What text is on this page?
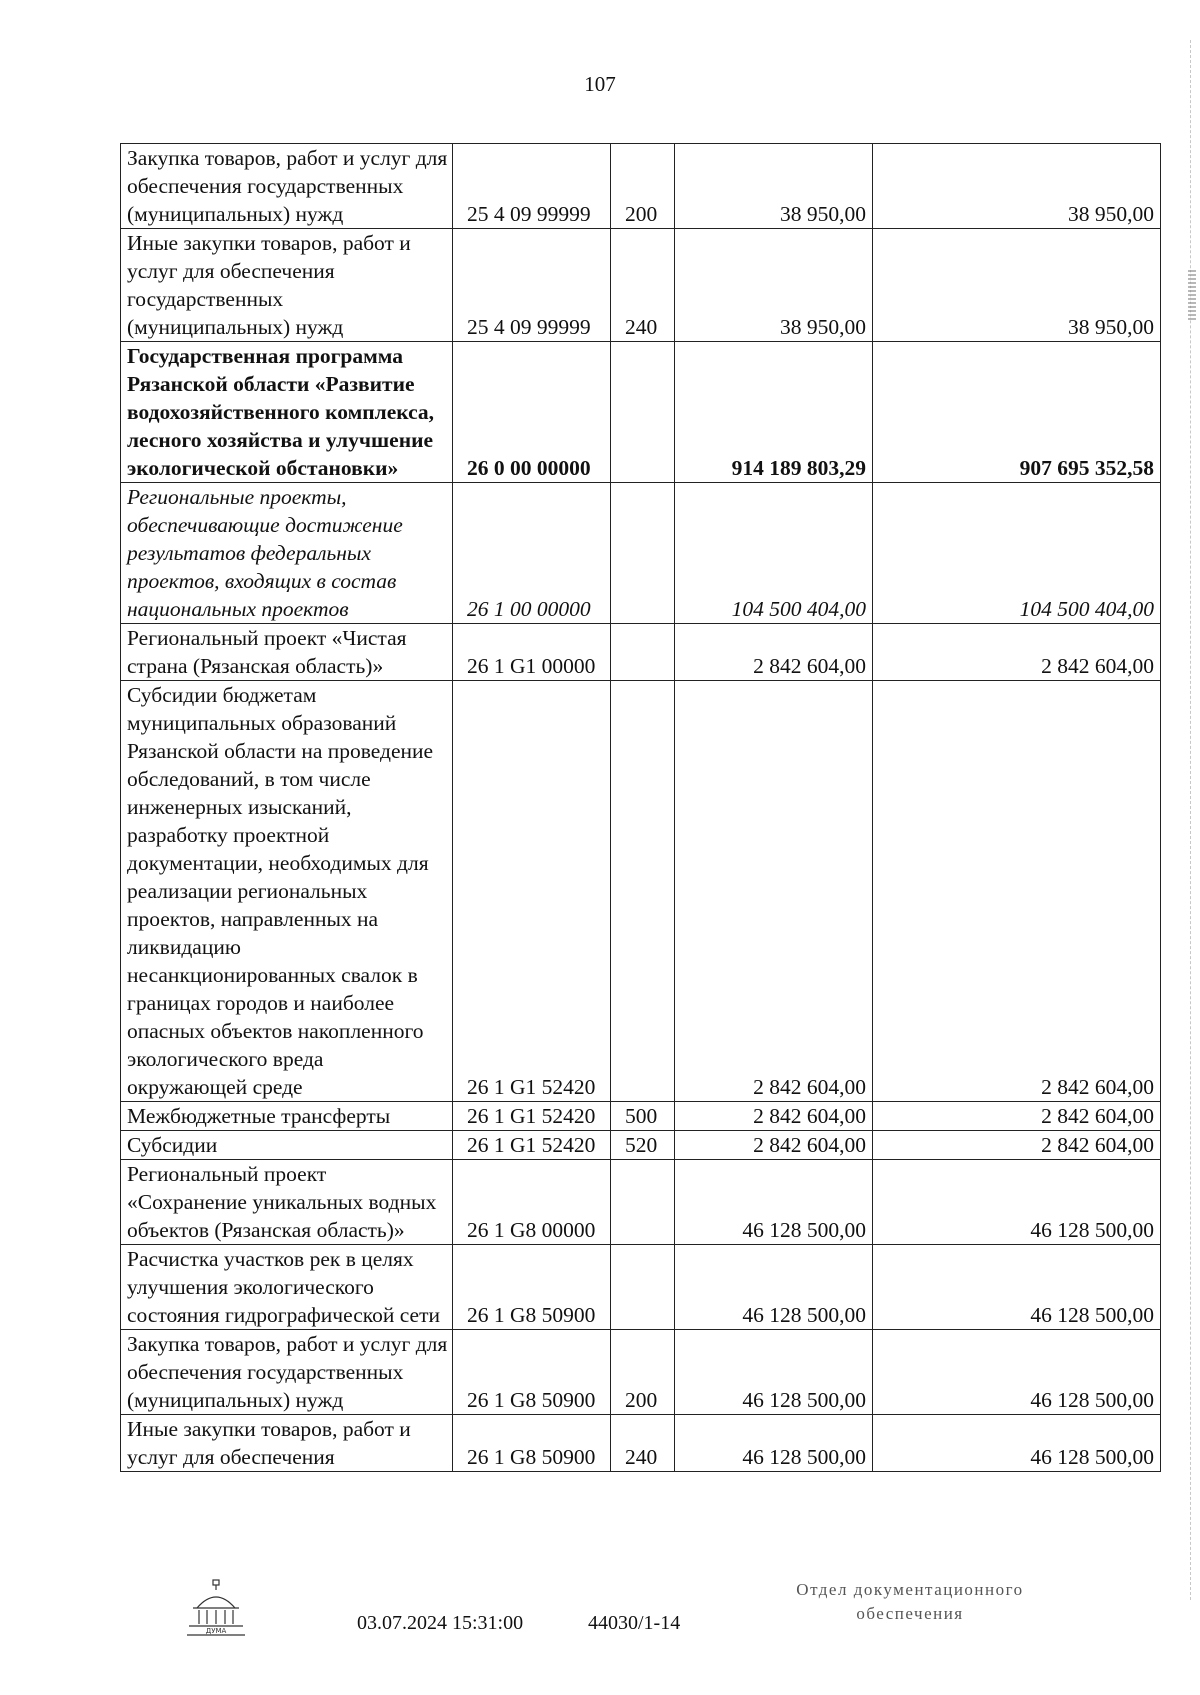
107
Закупка товаров, работ и услуг для обеспечения государственных (муниципальных) нужд	25 4 09 99999	200	38 950,00	38 950,00
Иные закупки товаров, работ и услуг для обеспечения государственных (муниципальных) нужд	25 4 09 99999	240	38 950,00	38 950,00
Государственная программа Рязанской области «Развитие водохозяйственного комплекса, лесного хозяйства и улучшение экологической обстановки»	26 0 00 00000		914 189 803,29	907 695 352,58
Региональные проекты, обеспечивающие достижение результатов федеральных проектов, входящих в состав национальных проектов	26 1 00 00000		104 500 404,00	104 500 404,00
Региональный проект «Чистая страна (Рязанская область)»	26 1 G1 00000		2 842 604,00	2 842 604,00
Субсидии бюджетам муниципальных образований Рязанской области на проведение обследований, в том числе инженерных изысканий, разработку проектной документации, необходимых для реализации региональных проектов, направленных на ликвидацию несанкционированных свалок в границах городов и наиболее опасных объектов накопленного экологического вреда окружающей среде	26 1 G1 52420		2 842 604,00	2 842 604,00
Межбюджетные трансферты	26 1 G1 52420	500	2 842 604,00	2 842 604,00
Субсидии	26 1 G1 52420	520	2 842 604,00	2 842 604,00
Региональный проект «Сохранение уникальных водных объектов (Рязанская область)»	26 1 G8 00000		46 128 500,00	46 128 500,00
Расчистка участков рек в целях улучшения экологического состояния гидрографической сети	26 1 G8 50900		46 128 500,00	46 128 500,00
Закупка товаров, работ и услуг для обеспечения государственных (муниципальных) нужд	26 1 G8 50900	200	46 128 500,00	46 128 500,00
Иные закупки товаров, работ и услуг для обеспечения	26 1 G8 50900	240	46 128 500,00	46 128 500,00
ДУМА	03.07.2024 15:31:00	44030/1-14
Отдел документационного
обеспечения
